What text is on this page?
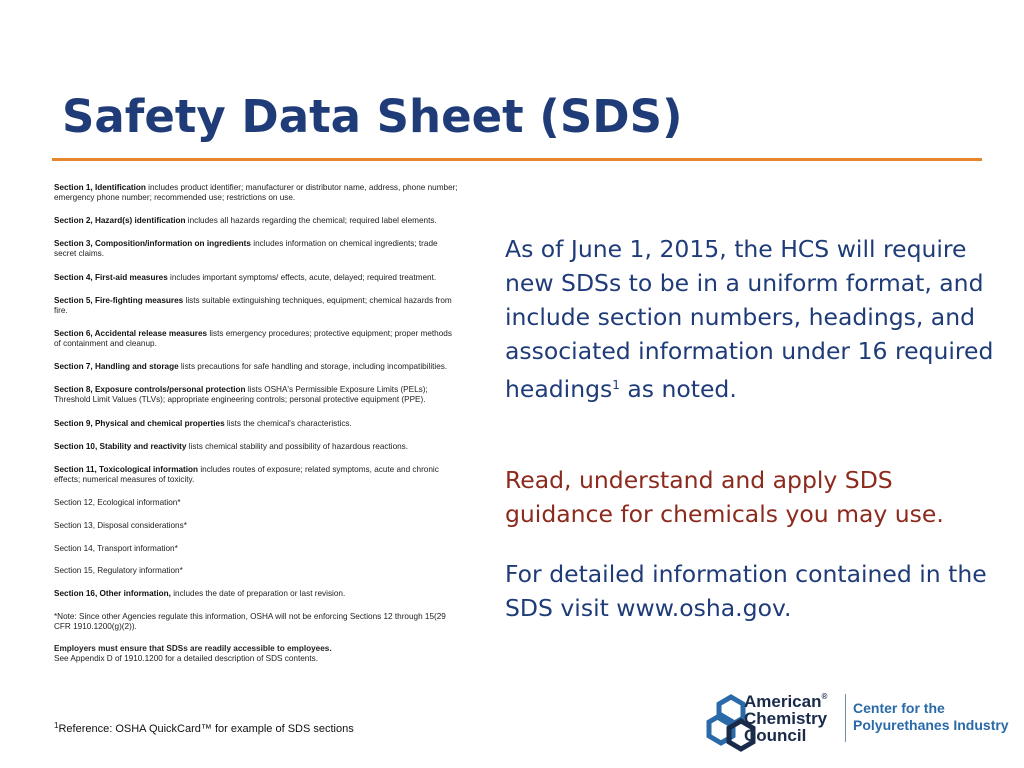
Safety Data Sheet (SDS)

Section 1, Identification includes product identifier; manufacturer or distributor name, address, phone number; emergency phone number; recommended use; restrictions on use.

Section 2, Hazard(s) identification includes all hazards regarding the chemical; required label elements.

Section 3, Composition/information on ingredients includes information on chemical ingredients; trade secret claims.

Section 4, First-aid measures includes important symptoms/ effects, acute, delayed; required treatment.

Section 5, Fire-fighting measures lists suitable extinguishing techniques, equipment; chemical hazards from fire.

Section 6, Accidental release measures lists emergency procedures; protective equipment; proper methods of containment and cleanup.

Section 7, Handling and storage lists precautions for safe handling and storage, including incompatibilities.

Section 8, Exposure controls/personal protection lists OSHA's Permissible Exposure Limits (PELs); Threshold Limit Values (TLVs); appropriate engineering controls; personal protective equipment (PPE).

Section 9, Physical and chemical properties lists the chemical's characteristics.

Section 10, Stability and reactivity lists chemical stability and possibility of hazardous reactions.

Section 11, Toxicological information includes routes of exposure; related symptoms, acute and chronic effects; numerical measures of toxicity.

Section 12, Ecological information*

Section 13, Disposal considerations*

Section 14, Transport information*

Section 15, Regulatory information*

Section 16, Other information, includes the date of preparation or last revision.

*Note: Since other Agencies regulate this information, OSHA will not be enforcing Sections 12 through 15(29 CFR 1910.1200(g)(2)).

Employers must ensure that SDSs are readily accessible to employees.
See Appendix D of 1910.1200 for a detailed description of SDS contents.

$^1$Reference: OSHA QuickCard™ for example of SDS sections

As of June 1, 2015, the HCS will require new SDSs to be in a uniform format, and include section numbers, headings, and associated information under 16 required headings$^1$ as noted.

Read, understand and apply SDS guidance for chemicals you may use.

For detailed information contained in the SDS visit www.osha.gov.

American®
Chemistry
Council
Center for the
Polyurethanes Industry
